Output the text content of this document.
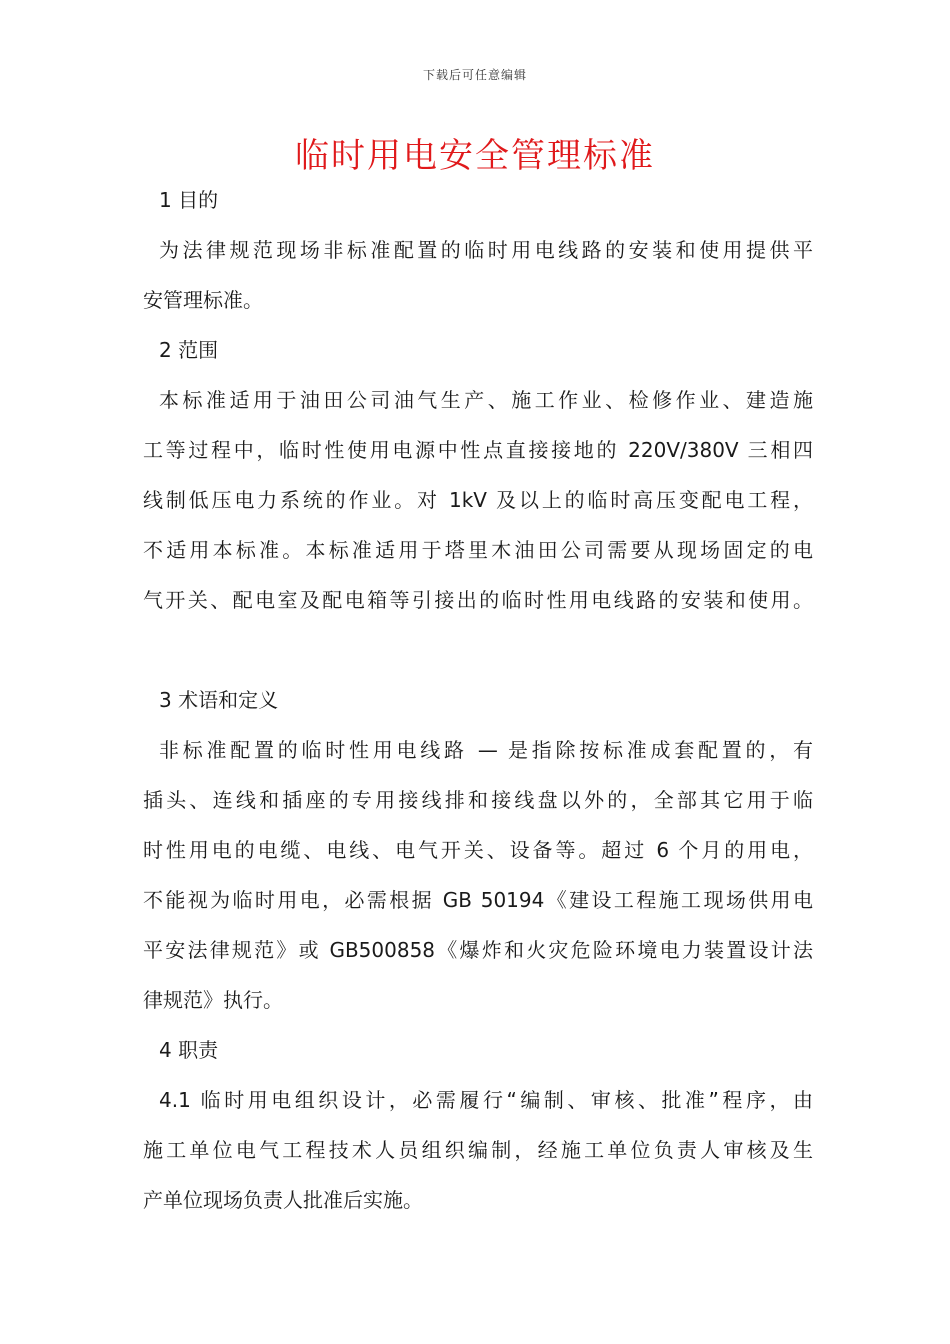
下载后可任意编辑
临时用电安全管理标准
1 目的
为法律规范现场非标准配置的临时用电线路的安装和使用提供平
安管理标准。
2 范围
本标准适用于油田公司油气生产、施工作业、检修作业、建造施
工等过程中，临时性使用电源中性点直接接地的 220V/380V 三相四
线制低压电力系统的作业。对 1kV 及以上的临时高压变配电工程，
不适用本标准。本标准适用于塔里木油田公司需要从现场固定的电
气开关、配电室及配电箱等引接出的临时性用电线路的安装和使用。
3 术语和定义
非标准配置的临时性用电线路 — 是指除按标准成套配置的，有
插头、连线和插座的专用接线排和接线盘以外的，全部其它用于临
时性用电的电缆、电线、电气开关、设备等。超过 6 个月的用电，
不能视为临时用电，必需根据 GB 50194《建设工程施工现场供用电
平安法律规范》或 GB500858《爆炸和火灾危险环境电力装置设计法
律规范》执行。
4 职责
4.1 临时用电组织设计，必需履行“编制、审核、批准”程序，由
施工单位电气工程技术人员组织编制，经施工单位负责人审核及生
产单位现场负责人批准后实施。
